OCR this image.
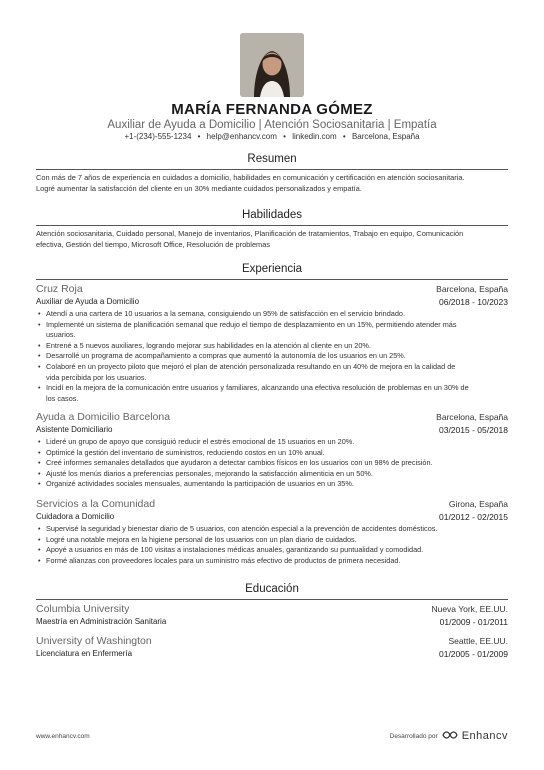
MARÍA FERNANDA GÓMEZ
Auxiliar de Ayuda a Domicilio | Atención Sociosanitaria | Empatía
+1-(234)-555-1234 • help@enhancv.com • linkedin.com • Barcelona, España
Resumen
Con más de 7 años de experiencia en cuidados a domicilio, habilidades en comunicación y certificación en atención sociosanitaria.
Logré aumentar la satisfacción del cliente en un 30% mediante cuidados personalizados y empatía.
Habilidades
Atención sociosanitaria, Cuidado personal, Manejo de inventarios, Planificación de tratamientos, Trabajo en equipo, Comunicación
efectiva, Gestión del tiempo, Microsoft Office, Resolución de problemas
Experiencia
Cruz Roja	Barcelona, España
Auxiliar de Ayuda a Domicilio	06/2018 - 10/2023
• Atendí a una cartera de 10 usuarios a la semana, consiguiendo un 95% de satisfacción en el servicio brindado.
• Implementé un sistema de planificación semanal que redujo el tiempo de desplazamiento en un 15%, permitiendo atender más
usuarios.
• Entrené a 5 nuevos auxiliares, logrando mejorar sus habilidades en la atención al cliente en un 20%.
• Desarrollé un programa de acompañamiento a compras que aumentó la autonomía de los usuarios en un 25%.
• Colaboré en un proyecto piloto que mejoró el plan de atención personalizada resultando en un 40% de mejora en la calidad de
vida percibida por los usuarios.
• Incidí en la mejora de la comunicación entre usuarios y familiares, alcanzando una efectiva resolución de problemas en un 30% de
los casos.
Ayuda a Domicilio Barcelona	Barcelona, España
Asistente Domiciliario	03/2015 - 05/2018
• Lideré un grupo de apoyo que consiguió reducir el estrés emocional de 15 usuarios en un 20%.
• Optimicé la gestión del inventario de suministros, reduciendo costos en un 10% anual.
• Creé informes semanales detallados que ayudaron a detectar cambios físicos en los usuarios con un 98% de precisión.
• Ajusté los menús diarios a preferencias personales, mejorando la satisfacción alimenticia en un 50%.
• Organizé actividades sociales mensuales, aumentando la participación de usuarios en un 35%.
Servicios a la Comunidad	Girona, España
Cuidadora a Domicilio	01/2012 - 02/2015
• Supervisé la seguridad y bienestar diario de 5 usuarios, con atención especial a la prevención de accidentes domésticos.
• Logré una notable mejora en la higiene personal de los usuarios con un plan diario de cuidados.
• Apoyé a usuarios en más de 100 visitas a instalaciones médicas anuales, garantizando su puntualidad y comodidad.
• Formé alianzas con proveedores locales para un suministro más efectivo de productos de primera necesidad.
Educación
Columbia University	Nueva York, EE.UU.
Maestría en Administración Sanitaria	01/2009 - 01/2011
University of Washington	Seattle, EE.UU.
Licenciatura en Enfermería	01/2005 - 01/2009
www.enhancv.com	Desarrollado por Enhancv
